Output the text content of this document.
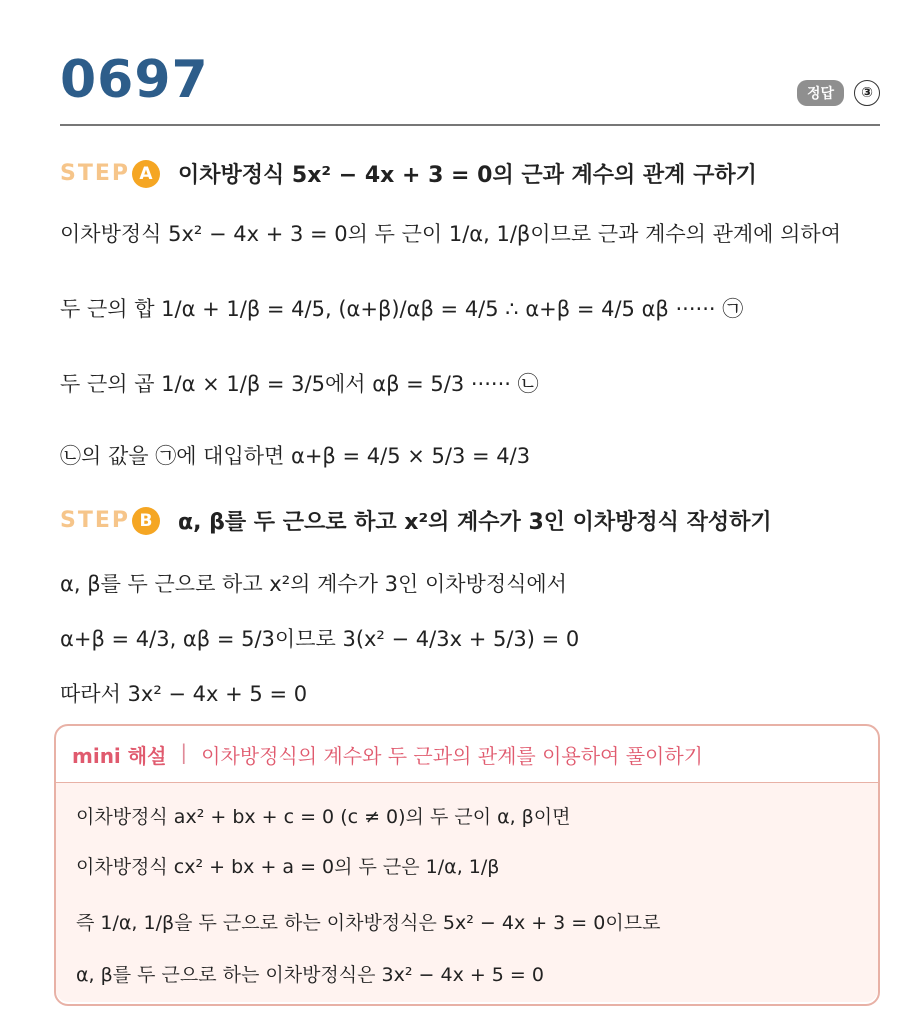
0697	정답	③
STEP A	이차방정식 5x² − 4x + 3 = 0의 근과 계수의 관계 구하기
이차방정식 5x² − 4x + 3 = 0의 두 근이 1/α, 1/β이므로 근과 계수의 관계에 의하여
두 근의 합 1/α + 1/β = 4/5, (α+β)/αβ = 4/5 ∴ α+β = 4/5 αβ ······ ㉠
두 근의 곱 1/α × 1/β = 3/5에서 αβ = 5/3 ······ ㉡
㉡의 값을 ㉠에 대입하면 α+β = 4/5 × 5/3 = 4/3
STEP B	α, β를 두 근으로 하고 x²의 계수가 3인 이차방정식 작성하기
α, β를 두 근으로 하고 x²의 계수가 3인 이차방정식에서
α+β = 4/3, αβ = 5/3이므로 3(x² − 4/3x + 5/3) = 0
따라서 3x² − 4x + 5 = 0
mini 해설 | 이차방정식의 계수와 두 근과의 관계를 이용하여 풀이하기
이차방정식 ax² + bx + c = 0 (c ≠ 0)의 두 근이 α, β이면
이차방정식 cx² + bx + a = 0의 두 근은 1/α, 1/β
즉 1/α, 1/β을 두 근으로 하는 이차방정식은 5x² − 4x + 3 = 0이므로
α, β를 두 근으로 하는 이차방정식은 3x² − 4x + 5 = 0
